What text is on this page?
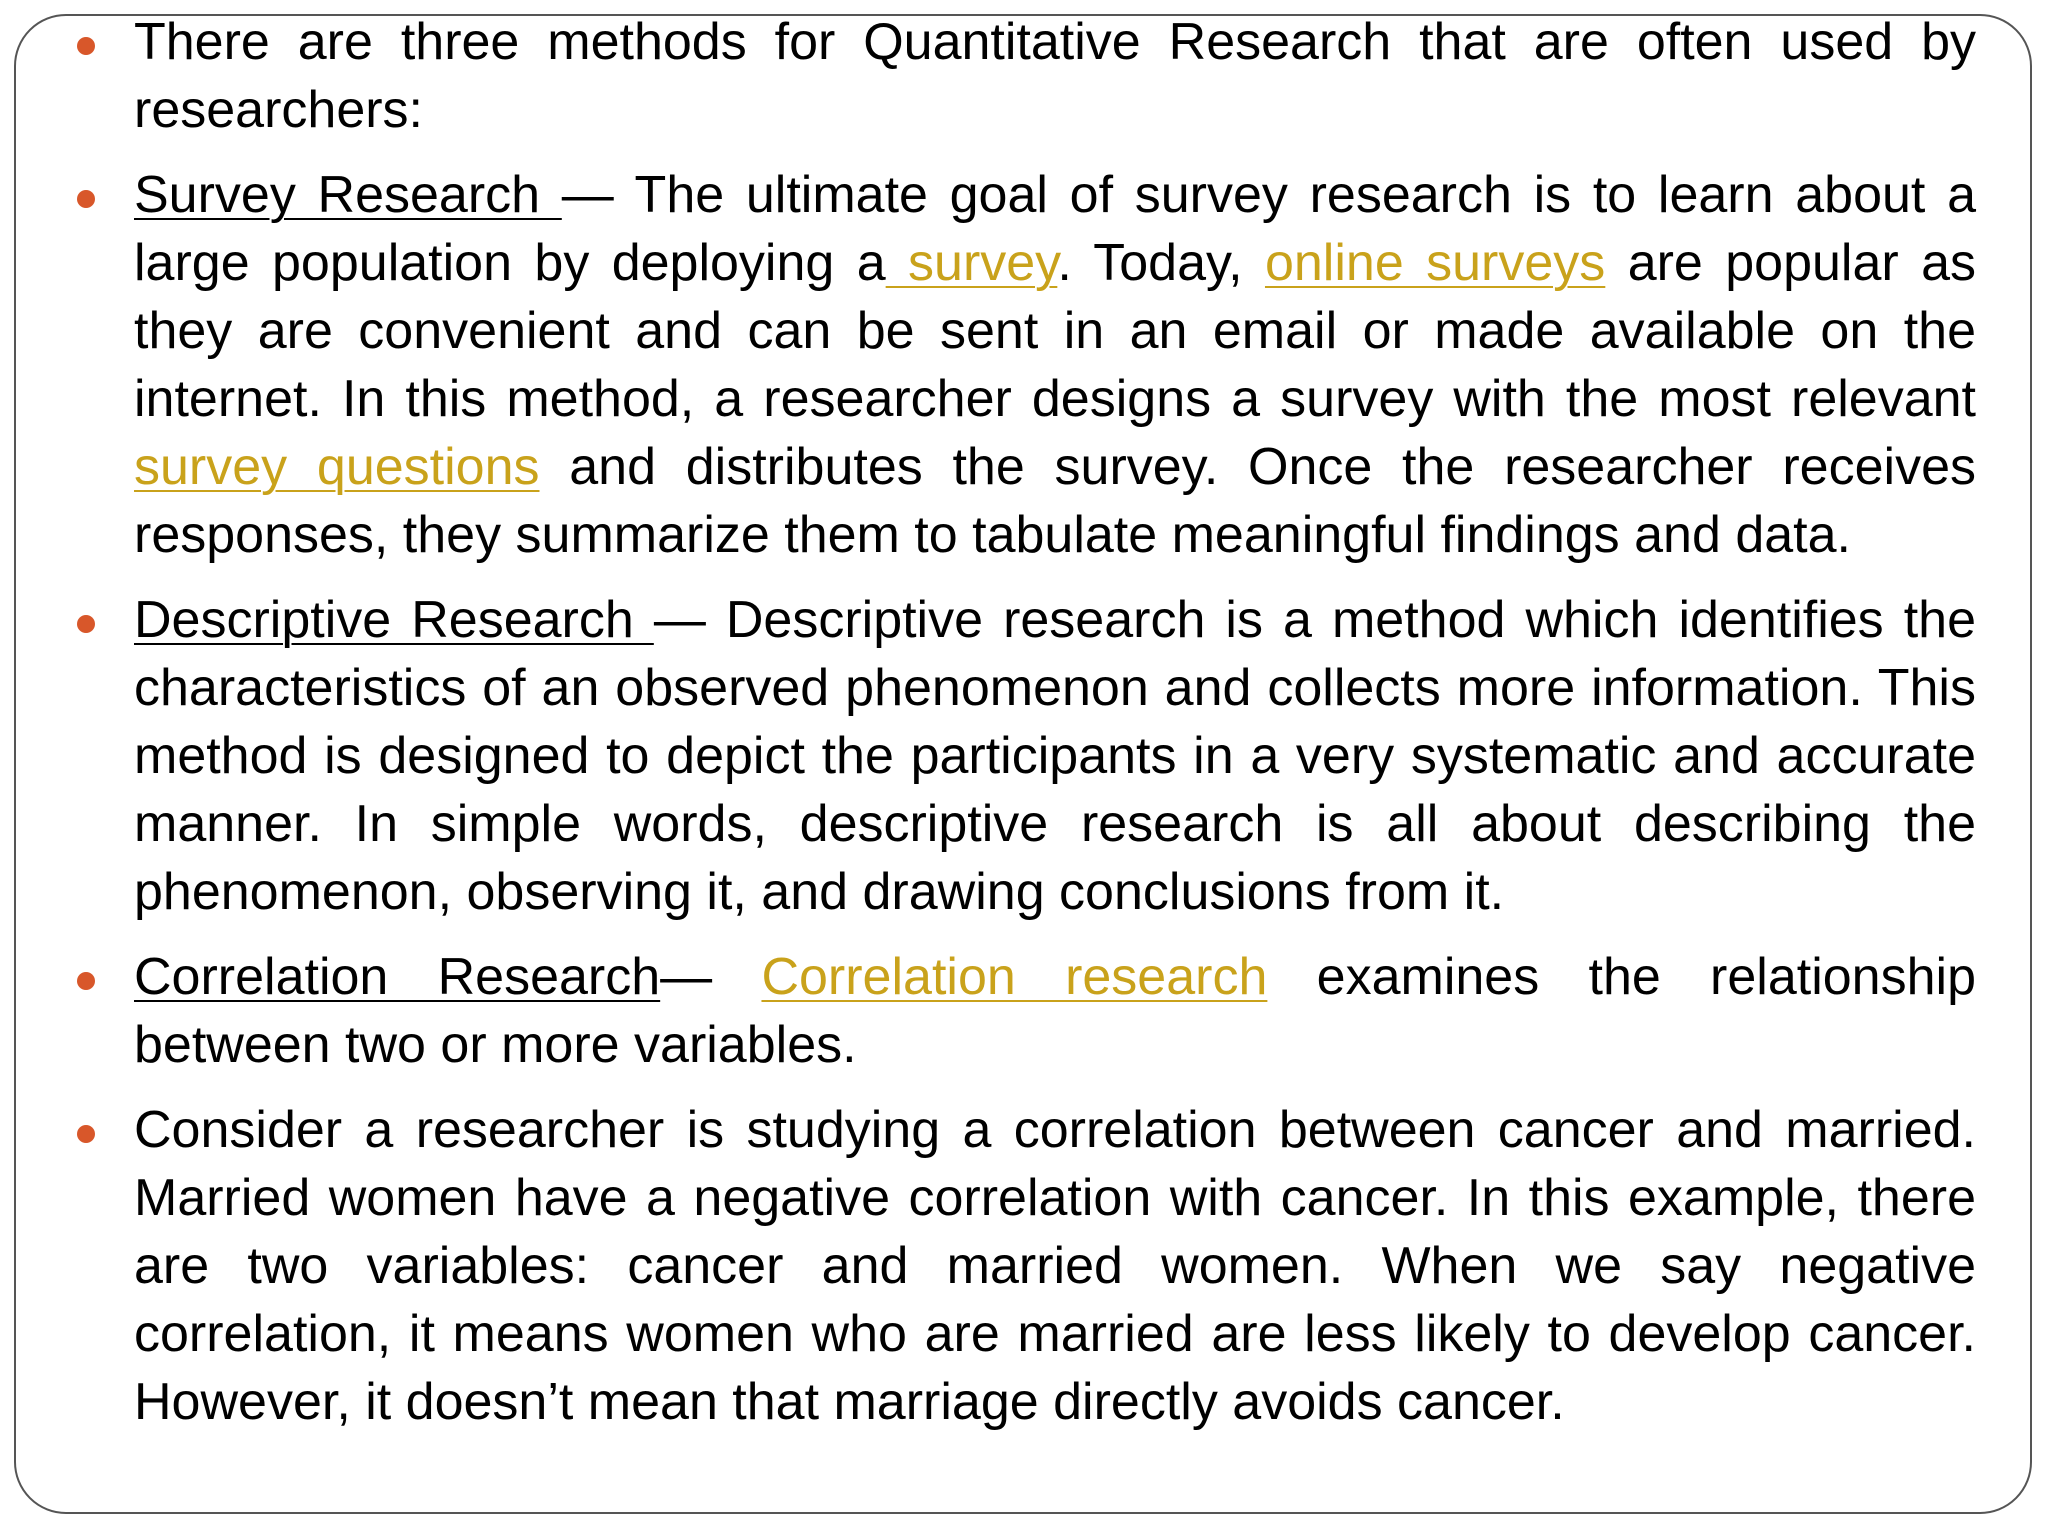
There are three methods for Quantitative Research that are often used by researchers:
Survey Research — The ultimate goal of survey research is to learn about a large population by deploying a survey. Today, online surveys are popular as they are convenient and can be sent in an email or made available on the internet. In this method, a researcher designs a survey with the most relevant survey questions and distributes the survey. Once the researcher receives responses, they summarize them to tabulate meaningful findings and data.
Descriptive Research — Descriptive research is a method which identifies the characteristics of an observed phenomenon and collects more information. This method is designed to depict the participants in a very systematic and accurate manner. In simple words, descriptive research is all about describing the phenomenon, observing it, and drawing conclusions from it.
Correlation Research— Correlation research examines the relationship between two or more variables.
Consider a researcher is studying a correlation between cancer and married. Married women have a negative correlation with cancer. In this example, there are two variables: cancer and married women. When we say negative correlation, it means women who are married are less likely to develop cancer. However, it doesn’t mean that marriage directly avoids cancer.
